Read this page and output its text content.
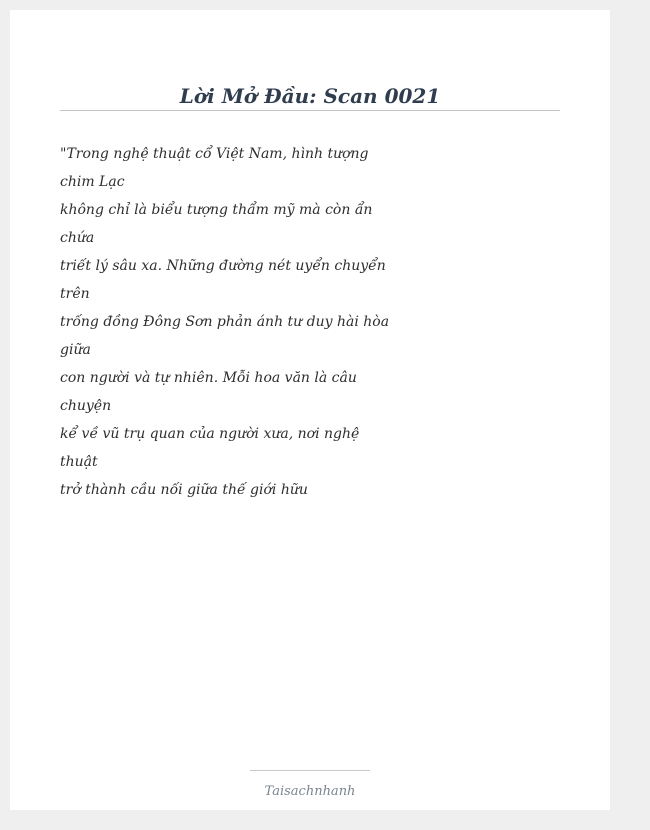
Lời Mở Đầu: Scan 0021
"Trong nghệ thuật cổ Việt Nam, hình tượng
chim Lạc
không chỉ là biểu tượng thẩm mỹ mà còn ẩn
chứa
triết lý sâu xa. Những đường nét uyển chuyển
trên
trống đồng Đông Sơn phản ánh tư duy hài hòa
giữa
con người và tự nhiên. Mỗi hoa văn là câu
chuyện
kể về vũ trụ quan của người xưa, nơi nghệ
thuật
trở thành cầu nối giữa thế giới hữu
Taisachnhanh
